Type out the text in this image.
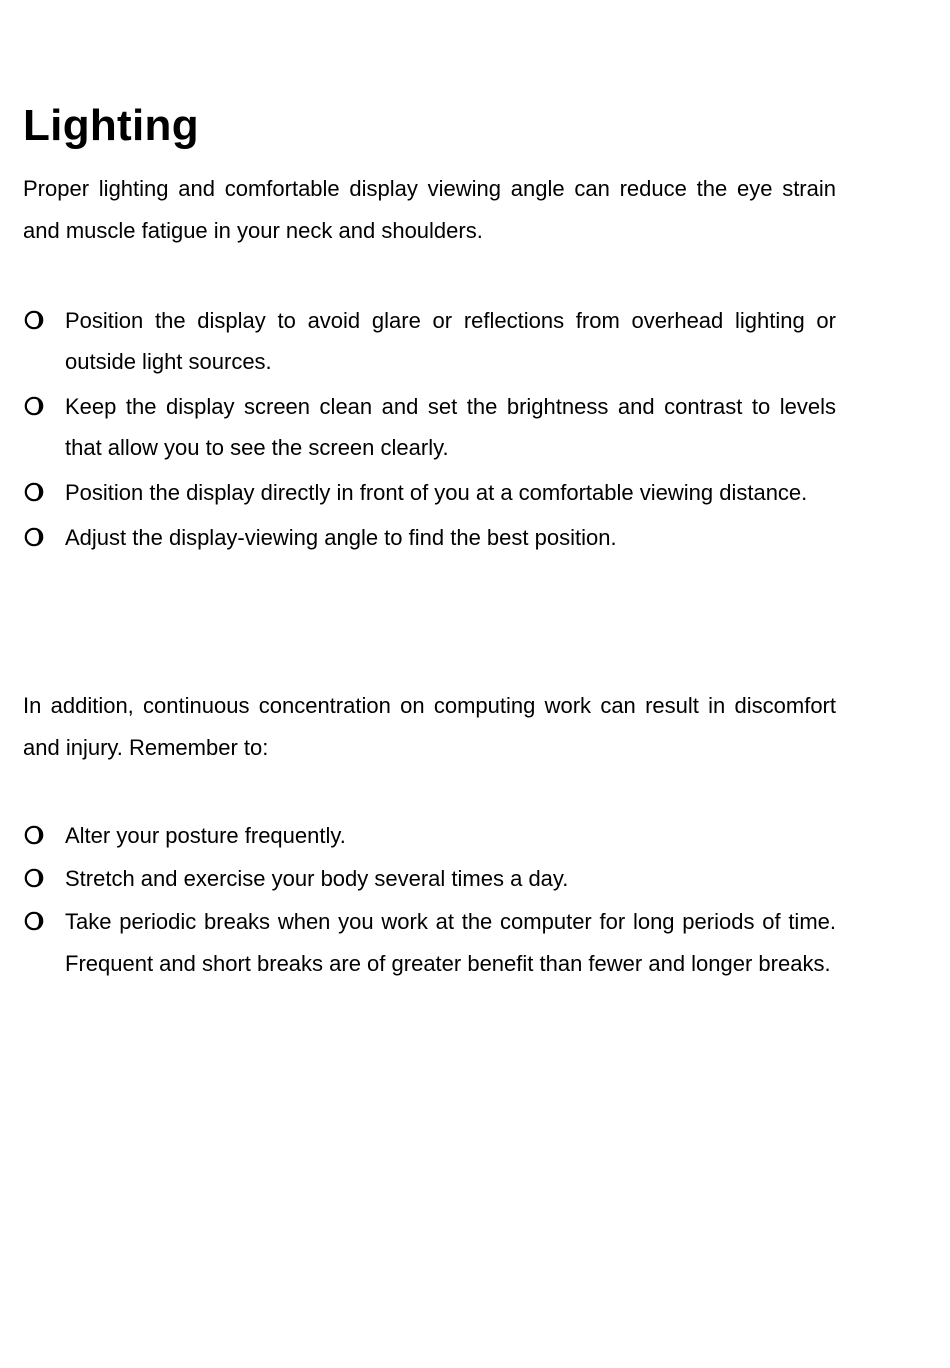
Lighting

Proper lighting and comfortable display viewing angle can reduce the eye strain and muscle fatigue in your neck and shoulders.

Position the display to avoid glare or reflections from overhead lighting or outside light sources.
Keep the display screen clean and set the brightness and contrast to levels that allow you to see the screen clearly.
Position the display directly in front of you at a comfortable viewing distance.
Adjust the display-viewing angle to find the best position.

In addition, continuous concentration on computing work can result in discomfort and injury. Remember to:

Alter your posture frequently.
Stretch and exercise your body several times a day.
Take periodic breaks when you work at the computer for long periods of time. Frequent and short breaks are of greater benefit than fewer and longer breaks.
